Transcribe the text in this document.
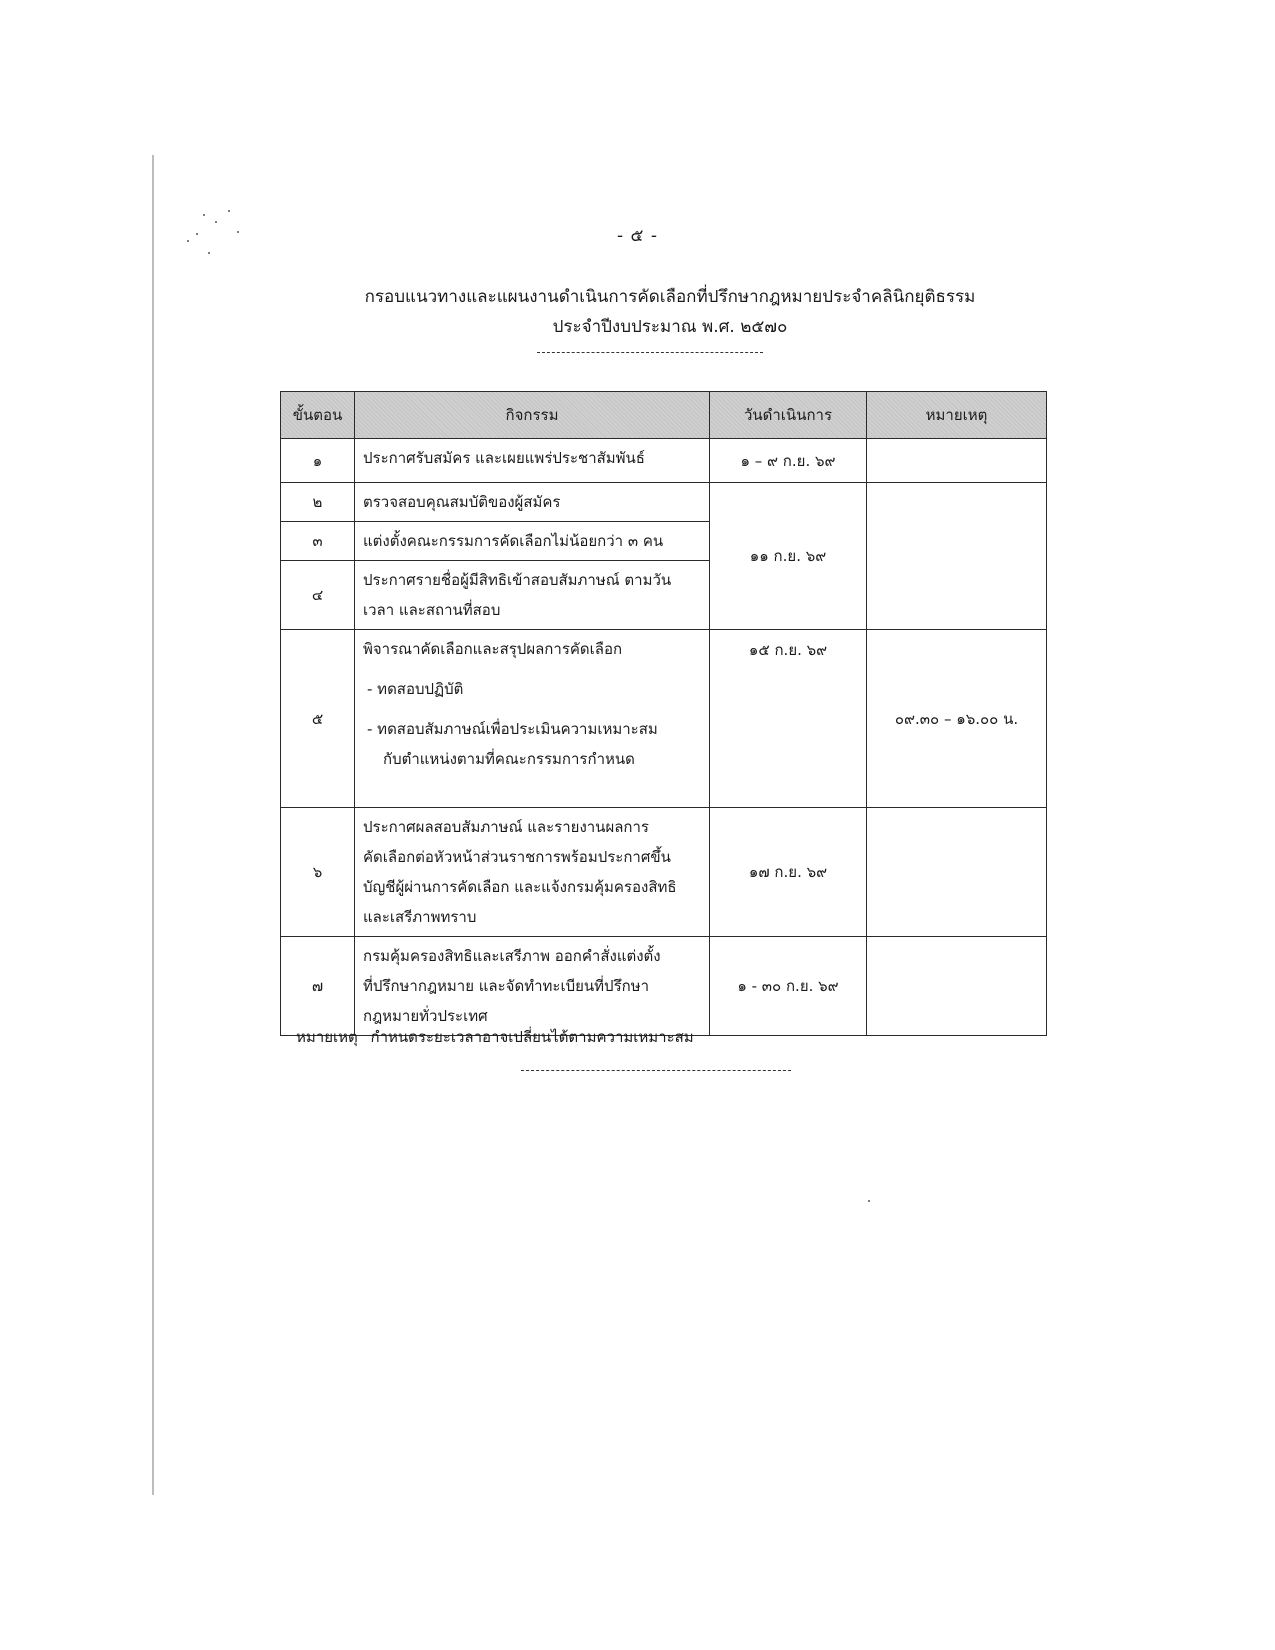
- ๕ -
กรอบแนวทางและแผนงานดำเนินการคัดเลือกที่ปรึกษากฎหมายประจำคลินิกยุติธรรม
ประจำปีงบประมาณ พ.ศ. ๒๕๗๐
ขั้นตอน	กิจกรรม	วันดำเนินการ	หมายเหตุ
๑	ประกาศรับสมัคร และเผยแพร่ประชาสัมพันธ์	๑ – ๙ ก.ย. ๖๙	
๒	ตรวจสอบคุณสมบัติของผู้สมัคร	๑๑ ก.ย. ๖๙	
๓	แต่งตั้งคณะกรรมการคัดเลือกไม่น้อยกว่า ๓ คน		
๔	ประกาศรายชื่อผู้มีสิทธิเข้าสอบสัมภาษณ์ ตามวัน
เวลา และสถานที่สอบ		
๕	พิจารณาคัดเลือกและสรุปผลการคัดเลือก
- ทดสอบปฏิบัติ
- ทดสอบสัมภาษณ์เพื่อประเมินความเหมาะสม
กับตำแหน่งตามที่คณะกรรมการกำหนด	๑๕ ก.ย. ๖๙	๐๙.๓๐ – ๑๖.๐๐ น.
๖	ประกาศผลสอบสัมภาษณ์ และรายงานผลการ
คัดเลือกต่อหัวหน้าส่วนราชการพร้อมประกาศขึ้น
บัญชีผู้ผ่านการคัดเลือก และแจ้งกรมคุ้มครองสิทธิ
และเสรีภาพทราบ	๑๗ ก.ย. ๖๙	
๗	กรมคุ้มครองสิทธิและเสรีภาพ ออกคำสั่งแต่งตั้ง
ที่ปรึกษากฎหมาย และจัดทำทะเบียนที่ปรึกษา
กฎหมายทั่วประเทศ	๑ - ๓๐ ก.ย. ๖๙	
หมายเหตุ กำหนดระยะเวลาอาจเปลี่ยนได้ตามความเหมาะสม
